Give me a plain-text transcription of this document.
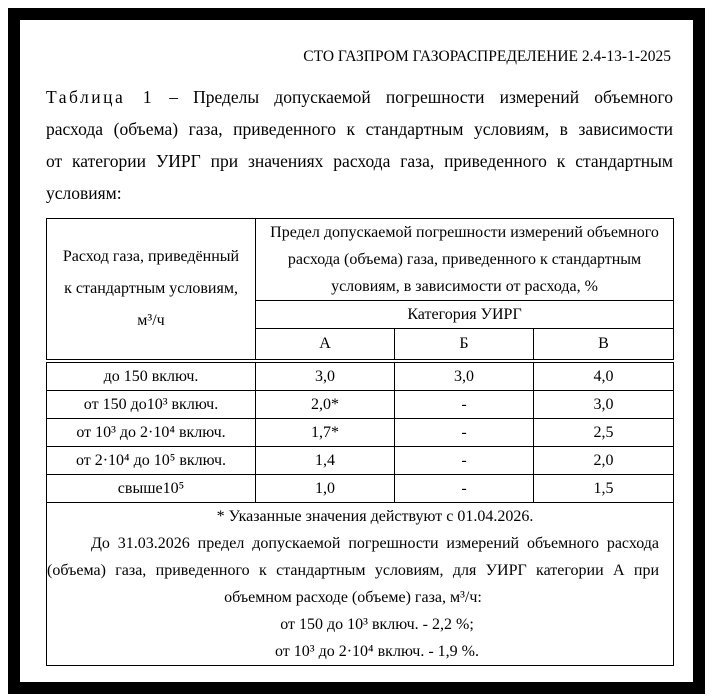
СТО ГАЗПРОМ ГАЗОРАСПРЕДЕЛЕНИЕ 2.4-13-1-2025
Таблица 1 – Пределы допускаемой погрешности измерений объемного
расхода (объема) газа, приведенного к стандартным условиям, в зависимости
от категории УИРГ при значениях расхода газа, приведенного к стандартным
условиям:
Расход газа, приведённый
к стандартным условиям,
м³/ч

Предел допускаемой погрешности измерений объемного
расхода (объема) газа, приведенного к стандартным
условиям, в зависимости от расхода, %

	Категория УИРГ		
	А	Б	В
до 150 включ.	3,0	3,0	4,0
от 150 до10³ включ.	2,0*	-	3,0
от 10³ до 2·10⁴ включ.	1,7*	-	2,5
от 2·10⁴ до 10⁵ включ.	1,4	-	2,0
свыше10⁵	1,0	-	1,5

* Указанные значения действуют с 01.04.2026.
До 31.03.2026 предел допускаемой погрешности измерений объемного расхода
(объема) газа, приведенного к стандартным условиям, для УИРГ категории А при
объемном расходе (объеме) газа, м³/ч:
от 150 до 10³ включ. - 2,2 %;
от 10³ до 2·10⁴ включ. - 1,9 %.
